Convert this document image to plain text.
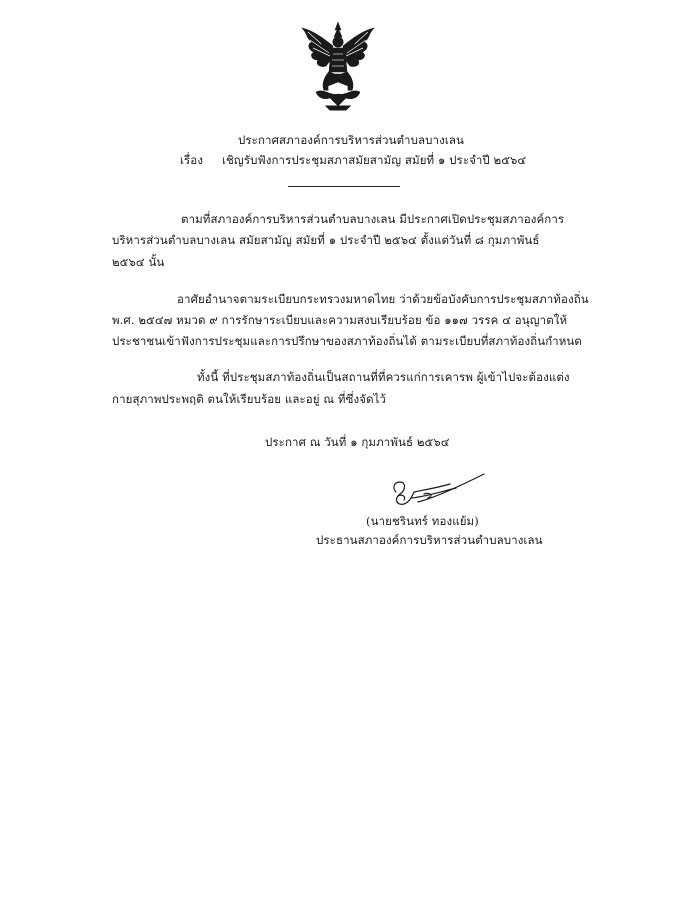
ประกาศสภาองค์การบริหารส่วนตำบลบางเลน
เรื่อง เชิญรับฟังการประชุมสภาสมัยสามัญ สมัยที่ ๑ ประจำปี ๒๕๖๔
ตามที่สภาองค์การบริหารส่วนตำบลบางเลน มีประกาศเปิดประชุมสภาองค์การ
บริหารส่วนตำบลบางเลน สมัยสามัญ สมัยที่ ๑ ประจำปี ๒๕๖๔ ตั้งแต่วันที่ ๘ กุมภาพันธ์
๒๕๖๔ นั้น
อาศัยอำนาจตามระเบียบกระทรวงมหาดไทย ว่าด้วยข้อบังคับการประชุมสภาท้องถิ่น
พ.ศ. ๒๕๔๗ หมวด ๙ การรักษาระเบียบและความสงบเรียบร้อย ข้อ ๑๑๗ วรรค ๔ อนุญาตให้
ประชาชนเข้าฟังการประชุมและการปรึกษาของสภาท้องถิ่นได้ ตามระเบียบที่สภาท้องถิ่นกำหนด
ทั้งนี้ ที่ประชุมสภาท้องถิ่นเป็นสถานที่ที่ควรแก่การเคารพ ผู้เข้าไปจะต้องแต่ง
กายสุภาพประพฤติ ตนให้เรียบร้อย และอยู่ ณ ที่ซึ่งจัดไว้
ประกาศ ณ วันที่ ๑ กุมภาพันธ์ ๒๕๖๔
(นายชรินทร์ ทองแย้ม)
ประธานสภาองค์การบริหารส่วนตำบลบางเลน
